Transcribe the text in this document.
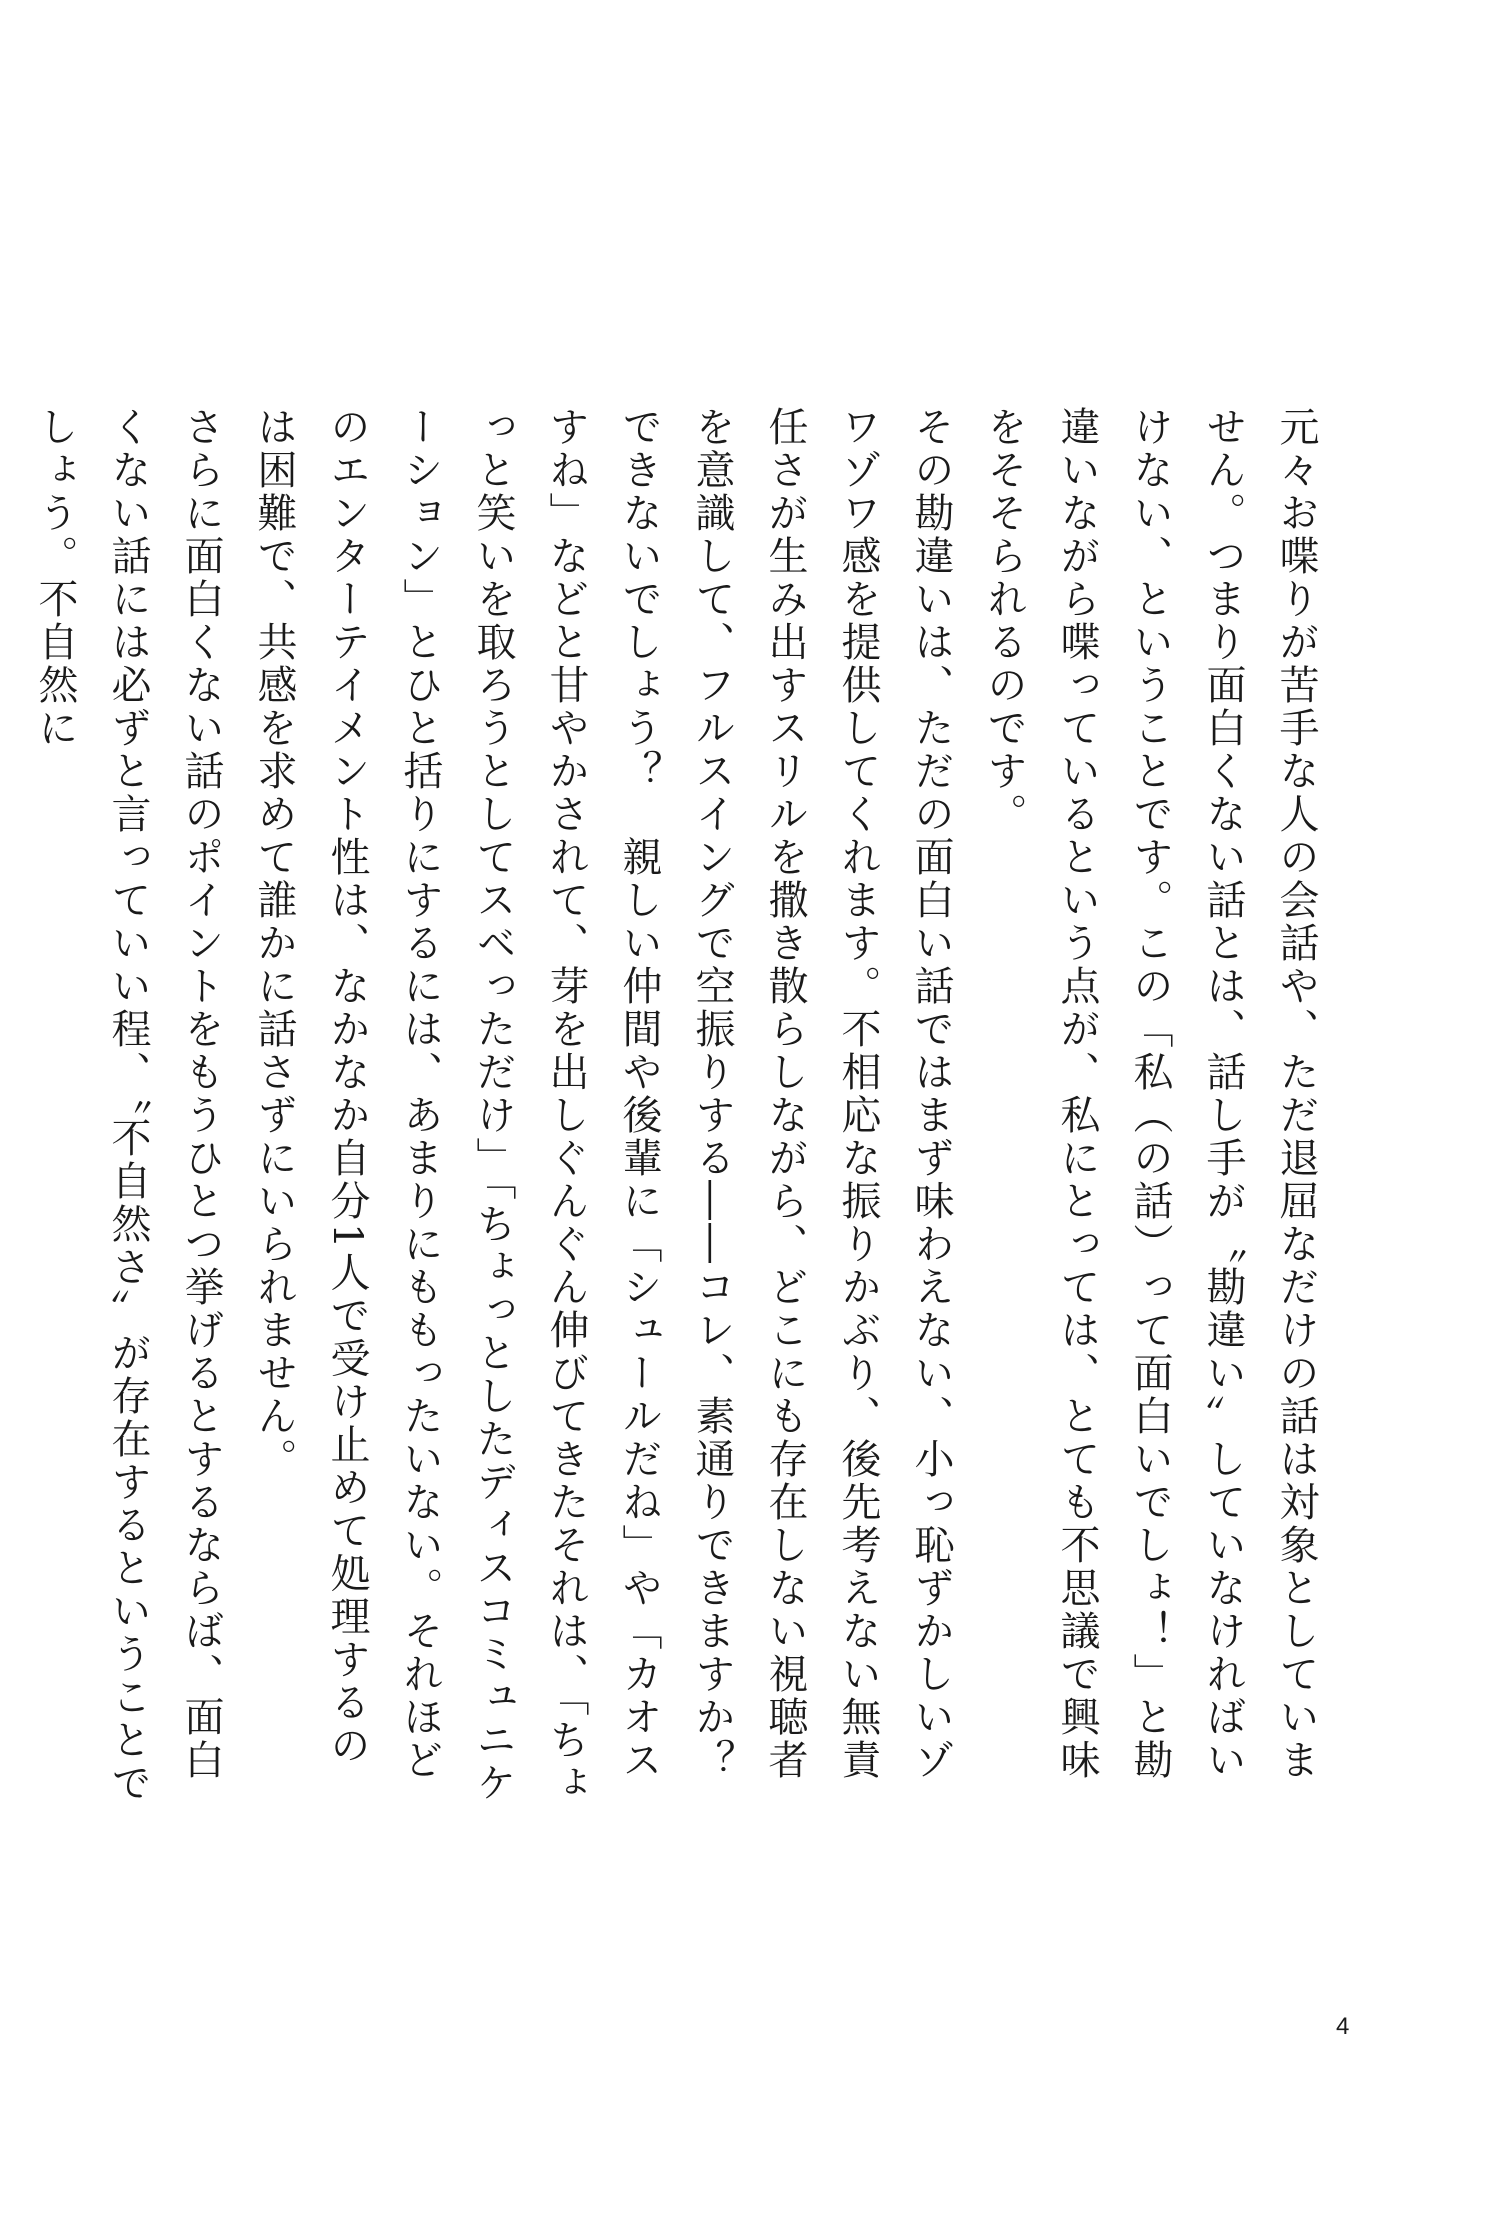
元々お喋りが苦手な人の会話や、ただ退屈なだけの話は対象としていません。つまり面白くない話とは、話し手が〝勘違い〟していなければいけない、ということです。この「私（の話）って面白いでしょ！」と勘違いながら喋っているという点が、私にとっては、とても不思議で興味をそそられるのです。

その勘違いは、ただの面白い話ではまず味わえない、小っ恥ずかしいゾワゾワ感を提供してくれます。不相応な振りかぶり、後先考えない無責任さが生み出すスリルを撒き散らしながら、どこにも存在しない視聴者を意識して、フルスイングで空振りする――コレ、素通りできますか？　できないでしょう？　親しい仲間や後輩に「シュールだね」や「カオスすね」などと甘やかされて、芽を出しぐんぐん伸びてきたそれは、「ちょっと笑いを取ろうとしてスベっただけ」「ちょっとしたディスコミュニケーション」とひと括りにするには、あまりにももったいない。それほどのエンターテイメント性は、なかなか自分1人で受け止めて処理するのは困難で、共感を求めて誰かに話さずにいられません。

さらに面白くない話のポイントをもうひとつ挙げるとするならば、面白くない話には必ずと言っていい程、〝不自然さ〟が存在するということでしょう。不自然に

4
